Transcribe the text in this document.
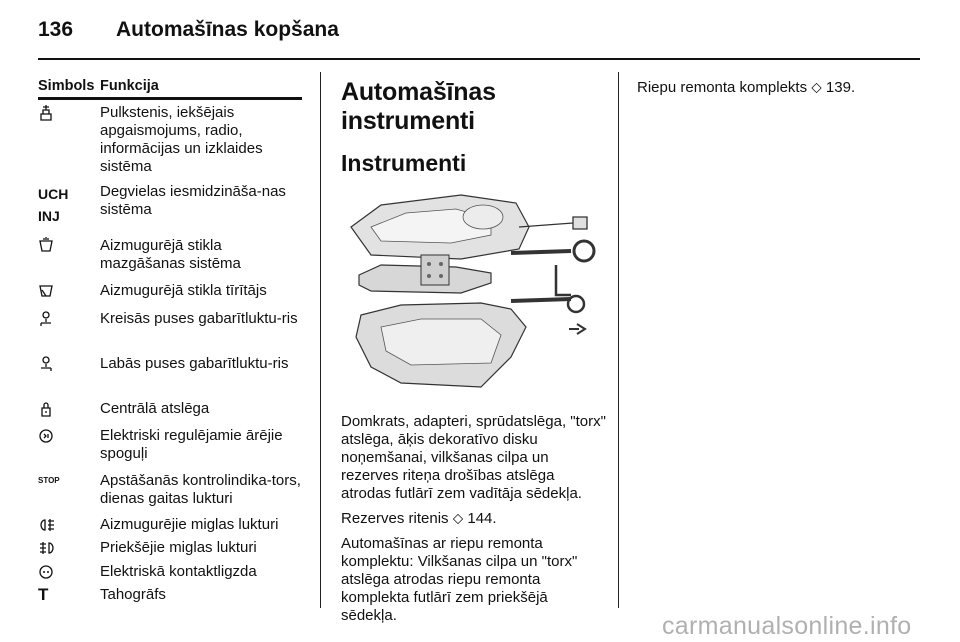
136 Automašīnas kopšana
Simbols Funkcija
Pulkstenis, iekšējais apgaismojums, radio, informācijas un izklaides sistēma
UCH INJ
Degvielas iesmidzināša-nas sistēma
Aizmugurējā stikla mazgāšanas sistēma
Aizmugurējā stikla tīrītājs
Kreisās puses gabarītluktu-ris
Labās puses gabarītluktu-ris
Centrālā atslēga
Elektriski regulējamie ārējie spoguļi
STOP	Apstāšanās kontrolindika-tors, dienas gaitas lukturi
Aizmugurējie miglas lukturi
Priekšējie miglas lukturi
Elektriskā kontaktligzda
T	Tahogrāfs
Automašīnas instrumenti
Instrumenti

Domkrats, adapteri, sprūdatslēga, "torx" atslēga, āķis dekoratīvo disku noņemšanai, vilkšanas cilpa un rezerves riteņa drošības atslēga atrodas futlārī zem vadītāja sēdekļa.

Rezerves ritenis ⬦ 144.

Automašīnas ar riepu remonta komplektu: Vilkšanas cilpa un "torx" atslēga atrodas riepu remonta komplekta futlārī zem priekšējā sēdekļa.

Riepu remonta komplekts ⬦ 139.
carmanualsonline.info
